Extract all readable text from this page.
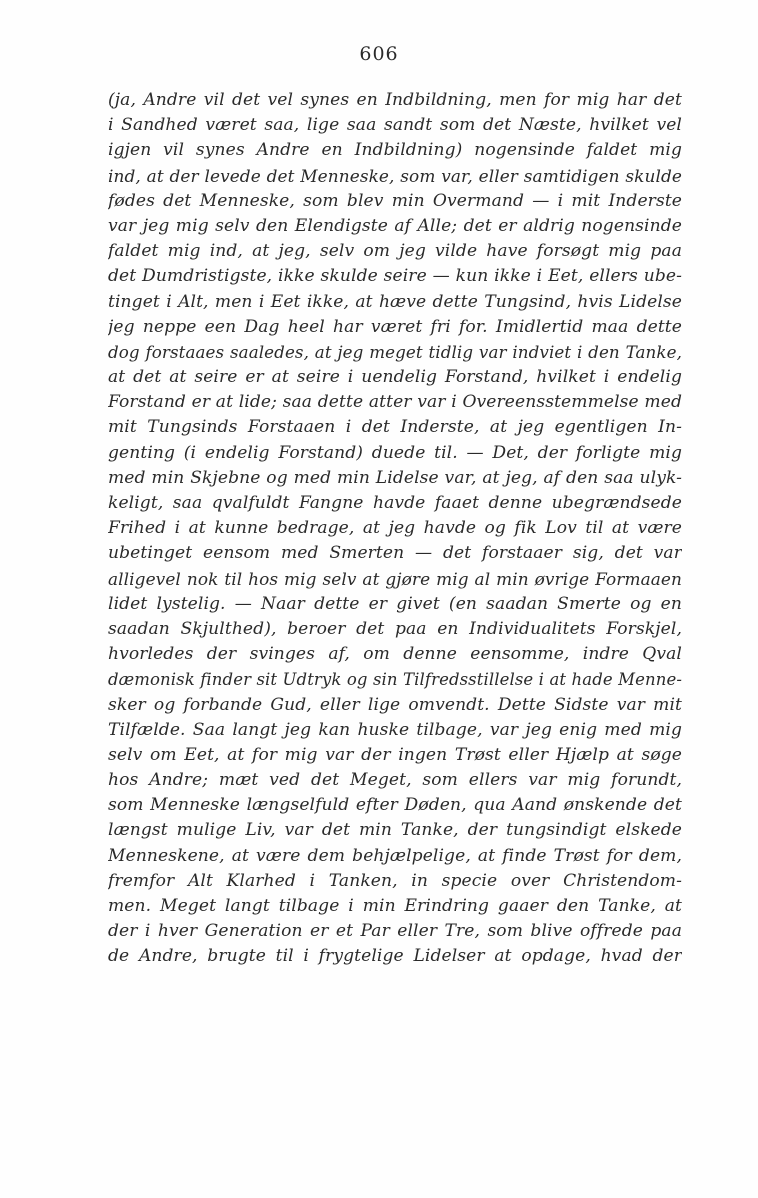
606
(ja, Andre vil det vel synes en Indbildning, men for mig har det
i Sandhed været saa, lige saa sandt som det Næste, hvilket vel
igjen vil synes Andre en Indbildning) nogensinde faldet mig
ind, at der levede det Menneske, som var, eller samtidigen skulde
fødes det Menneske, som blev min Overmand — i mit Inderste
var jeg mig selv den Elendigste af Alle; det er aldrig nogensinde
faldet mig ind, at jeg, selv om jeg vilde have forsøgt mig paa
det Dumdristigste, ikke skulde seire — kun ikke i Eet, ellers ube-
tinget i Alt, men i Eet ikke, at hæve dette Tungsind, hvis Lidelse
jeg neppe een Dag heel har været fri for. Imidlertid maa dette
dog forstaaes saaledes, at jeg meget tidlig var indviet i den Tanke,
at det at seire er at seire i uendelig Forstand, hvilket i endelig
Forstand er at lide; saa dette atter var i Overeensstemmelse med
mit Tungsinds Forstaaen i det Inderste, at jeg egentligen In-
genting (i endelig Forstand) duede til. — Det, der forligte mig
med min Skjebne og med min Lidelse var, at jeg, af den saa ulyk-
keligt, saa qvalfuldt Fangne havde faaet denne ubegrændsede
Frihed i at kunne bedrage, at jeg havde og fik Lov til at være
ubetinget eensom med Smerten — det forstaaer sig, det var
alligevel nok til hos mig selv at gjøre mig al min øvrige Formaaen
lidet lystelig. — Naar dette er givet (en saadan Smerte og en
saadan Skjulthed), beroer det paa en Individualitets Forskjel,
hvorledes der svinges af, om denne eensomme, indre Qval
dæmonisk finder sit Udtryk og sin Tilfredsstillelse i at hade Menne-
sker og forbande Gud, eller lige omvendt. Dette Sidste var mit
Tilfælde. Saa langt jeg kan huske tilbage, var jeg enig med mig
selv om Eet, at for mig var der ingen Trøst eller Hjælp at søge
hos Andre; mæt ved det Meget, som ellers var mig forundt,
som Menneske længselfuld efter Døden, qua Aand ønskende det
længst mulige Liv, var det min Tanke, der tungsindigt elskede
Menneskene, at være dem behjælpelige, at finde Trøst for dem,
fremfor Alt Klarhed i Tanken, in specie over Christendom-
men. Meget langt tilbage i min Erindring gaaer den Tanke, at
der i hver Generation er et Par eller Tre, som blive offrede paa
de Andre, brugte til i frygtelige Lidelser at opdage, hvad der
